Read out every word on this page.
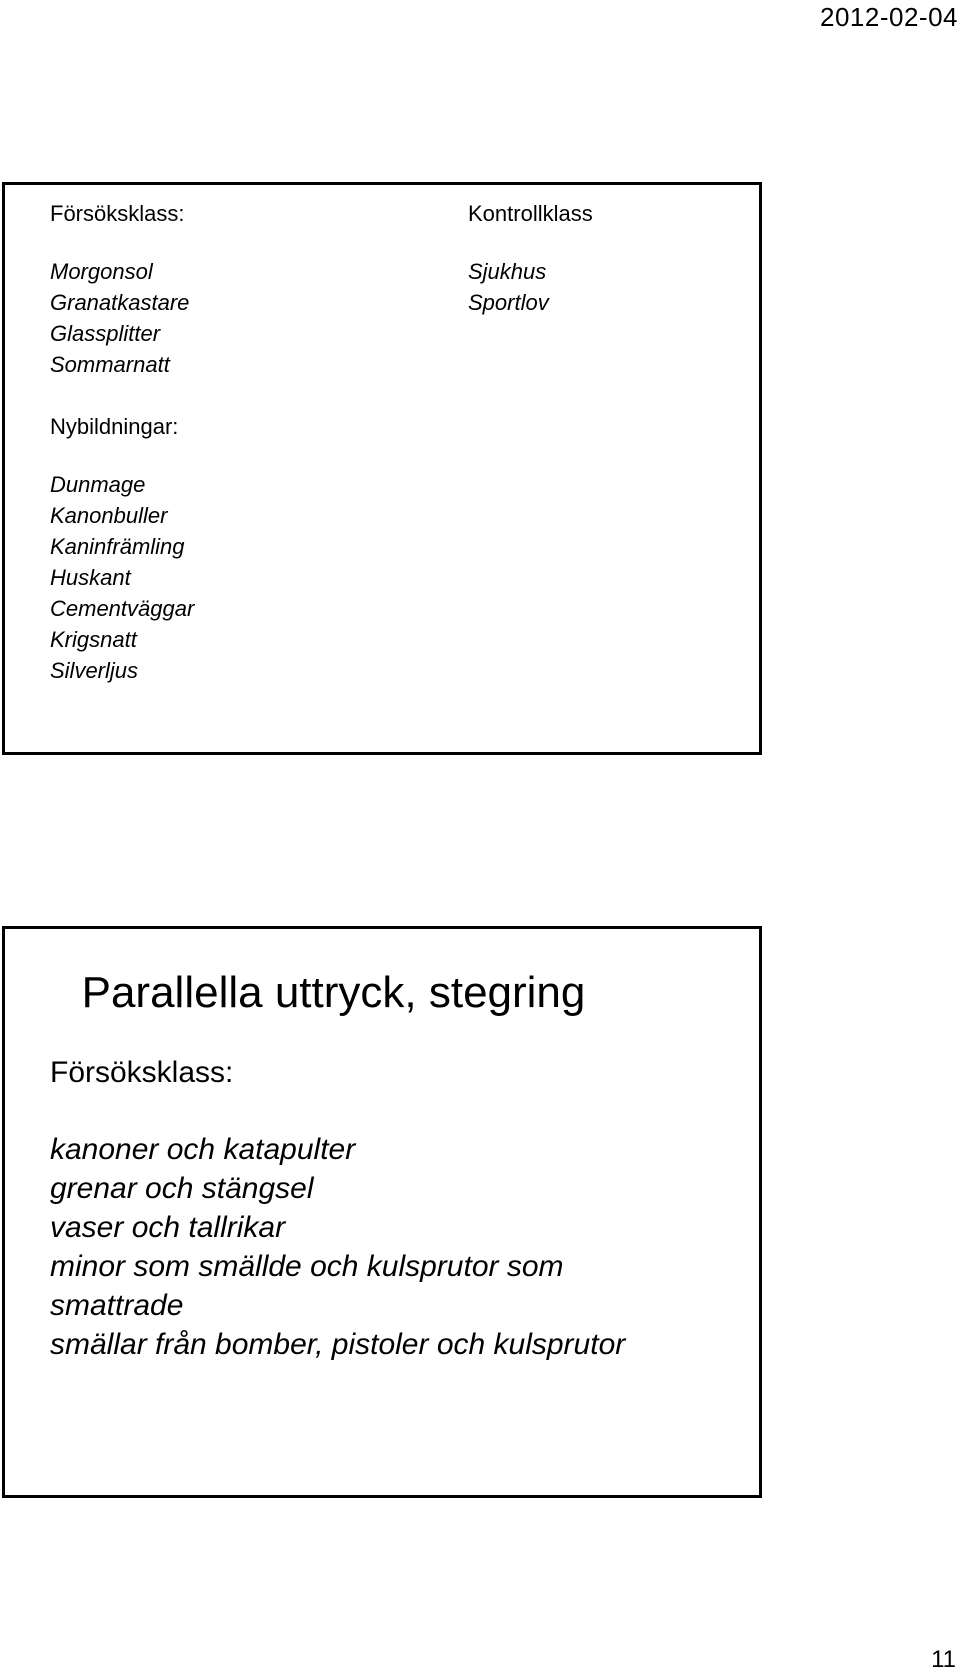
2012-02-04

Försöksklass:

Morgonsol
Granatkastare
Glassplitter
Sommarnatt

Nybildningar:

Dunmage
Kanonbuller
Kaninfrämling
Huskant
Cementväggar
Krigsnatt
Silverljus

Kontrollklass

Sjukhus
Sportlov
Parallella uttryck, stegring

Försöksklass:

kanoner och katapulter
grenar och stängsel
vaser och tallrikar
minor som smällde och kulsprutor som
smattrade
smällar från bomber, pistoler och kulsprutor
11
